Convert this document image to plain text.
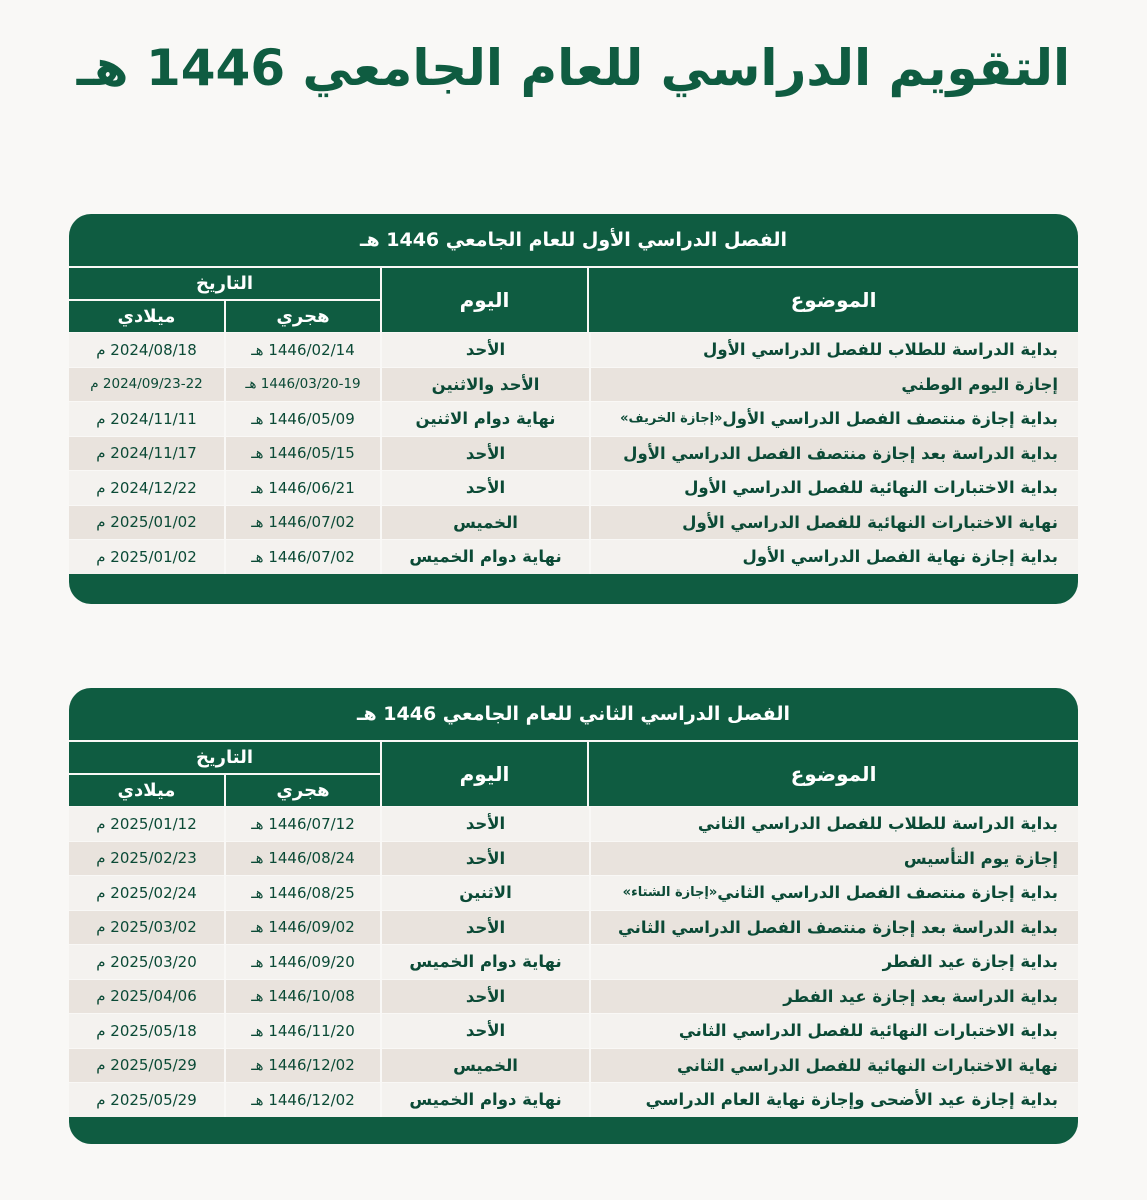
التقويم الدراسي للعام الجامعي 1446 هـ
الفصل الدراسي الأول للعام الجامعي 1446 هـ
الموضوع
اليوم
التاريخ
هجري
ميلادي
بداية الدراسة للطلاب للفصل الدراسي الأول
الأحد
1446/02/14 هـ
2024/08/18 م
إجازة اليوم الوطني
الأحد والاثنين
1446/03/20-19 هـ
2024/09/23-22 م
بداية إجازة منتصف الفصل الدراسي الأول
«إجازة الخريف»
نهاية دوام الاثنين
1446/05/09 هـ
2024/11/11 م
بداية الدراسة بعد إجازة منتصف الفصل الدراسي الأول
الأحد
1446/05/15 هـ
2024/11/17 م
بداية الاختبارات النهائية للفصل الدراسي الأول
الأحد
1446/06/21 هـ
2024/12/22 م
نهاية الاختبارات النهائية للفصل الدراسي الأول
الخميس
1446/07/02 هـ
2025/01/02 م
بداية إجازة نهاية الفصل الدراسي الأول
نهاية دوام الخميس
1446/07/02 هـ
2025/01/02 م
الفصل الدراسي الثاني للعام الجامعي 1446 هـ
الموضوع
اليوم
التاريخ
هجري
ميلادي
بداية الدراسة للطلاب للفصل الدراسي الثاني
الأحد
1446/07/12 هـ
2025/01/12 م
إجازة يوم التأسيس
الأحد
1446/08/24 هـ
2025/02/23 م
بداية إجازة منتصف الفصل الدراسي الثاني
«إجازة الشتاء»
الاثنين
1446/08/25 هـ
2025/02/24 م
بداية الدراسة بعد إجازة منتصف الفصل الدراسي الثاني
الأحد
1446/09/02 هـ
2025/03/02 م
بداية إجازة عيد الفطر
نهاية دوام الخميس
1446/09/20 هـ
2025/03/20 م
بداية الدراسة بعد إجازة عيد الفطر
الأحد
1446/10/08 هـ
2025/04/06 م
بداية الاختبارات النهائية للفصل الدراسي الثاني
الأحد
1446/11/20 هـ
2025/05/18 م
نهاية الاختبارات النهائية للفصل الدراسي الثاني
الخميس
1446/12/02 هـ
2025/05/29 م
بداية إجازة عيد الأضحى وإجازة نهاية العام الدراسي
نهاية دوام الخميس
1446/12/02 هـ
2025/05/29 م
